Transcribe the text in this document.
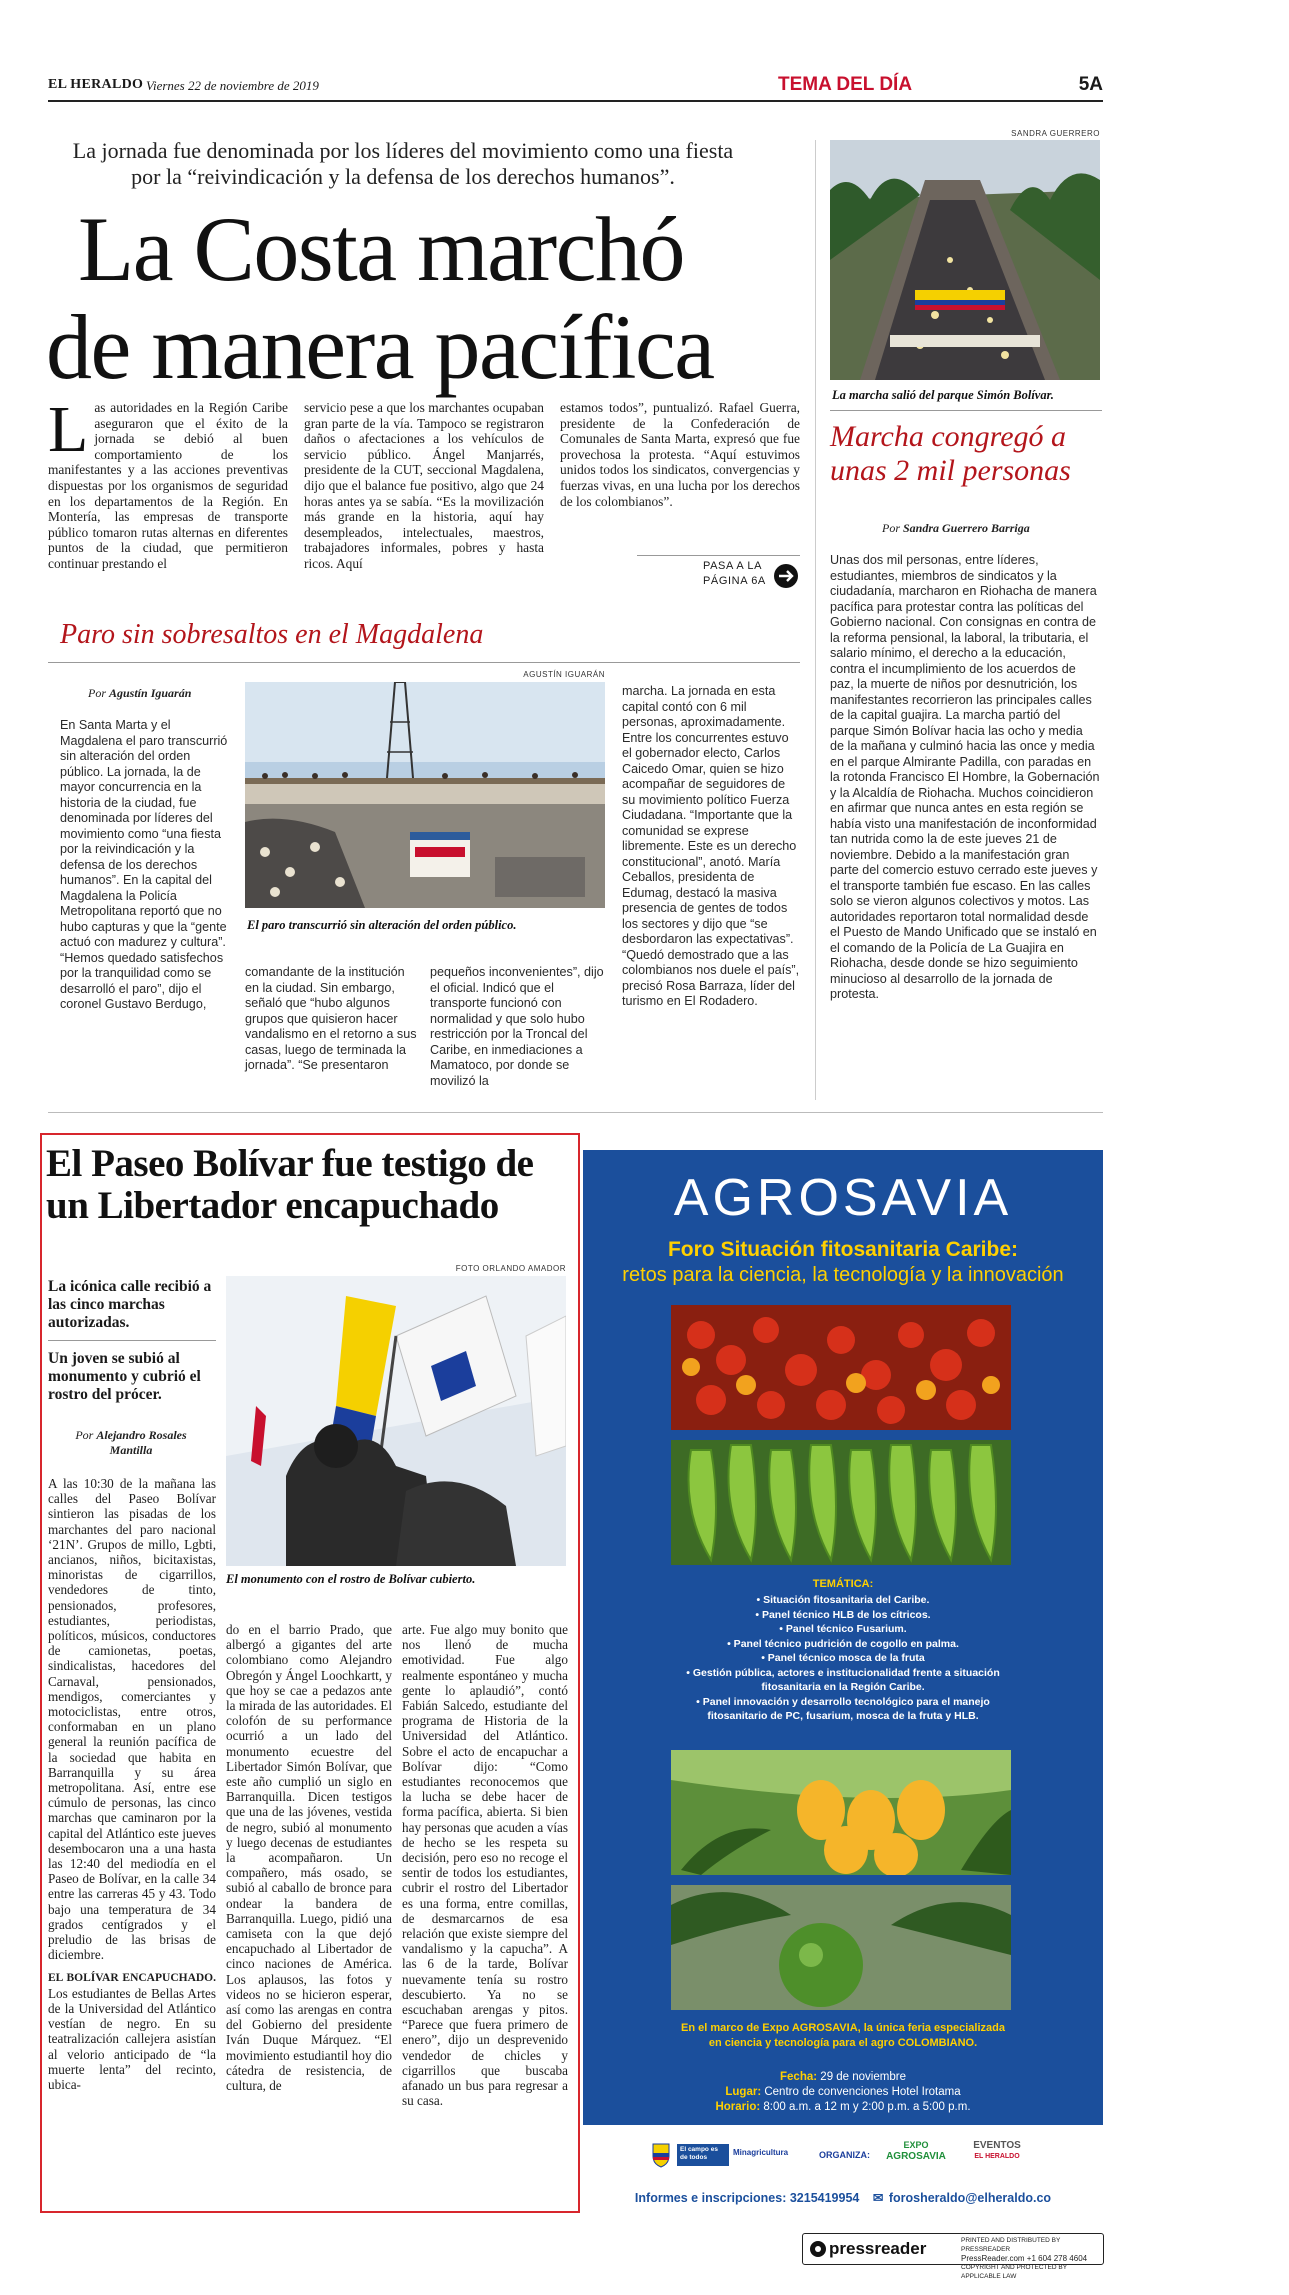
EL HERALDO Viernes 22 de noviembre de 2019	TEMA DEL DÍA	5A
La jornada fue denominada por los líderes del movimiento como una fiesta por la “reivindicación y la defensa de los derechos humanos”.
La Costa marchó
de manera pacífica
L as autoridades en la Región Caribe aseguraron que el éxito de la jornada se debió al buen comportamiento de los manifestantes y a las acciones preventivas dispuestas por los organismos de seguridad en los departamentos de la Región. En Montería, las empresas de transporte público tomaron rutas alternas en diferentes puntos de la ciudad, que permitieron continuar prestando el
servicio pese a que los marchantes ocupaban gran parte de la vía. Tampoco se registraron daños o afectaciones a los vehículos de servicio público. Ángel Manjarrés, presidente de la CUT, seccional Magdalena, dijo que el balance fue positivo, algo que 24 horas antes ya se sabía. “Es la movilización más grande en la historia, aquí hay desempleados, intelectuales, maestros, trabajadores informales, pobres y hasta ricos. Aquí
estamos todos”, puntualizó. Rafael Guerra, presidente de la Confederación de Comunales de Santa Marta, expresó que fue provechosa la protesta. “Aquí estuvimos unidos todos los sindicatos, convergencias y fuerzas vivas, en una lucha por los derechos de los colombianos”.
PASA A LA
PÁGINA 6A
SANDRA GUERRERO
La marcha salió del parque Simón Bolívar.
Marcha congregó a unas 2 mil personas
Por Sandra Guerrero Barriga
Unas dos mil personas, entre líderes, estudiantes, miembros de sindicatos y la ciudadanía, marcharon en Riohacha de manera pacífica para protestar contra las políticas del Gobierno nacional. Con consignas en contra de la reforma pensional, la laboral, la tributaria, el salario mínimo, el derecho a la educación, contra el incumplimiento de los acuerdos de paz, la muerte de niños por desnutrición, los manifestantes recorrieron las principales calles de la capital guajira. La marcha partió del parque Simón Bolívar hacia las ocho y media de la mañana y culminó hacia las once y media en el parque Almirante Padilla, con paradas en la rotonda Francisco El Hombre, la Gobernación y la Alcaldía de Riohacha. Muchos coincidieron en afirmar que nunca antes en esta región se había visto una manifestación de inconformidad tan nutrida como la de este jueves 21 de noviembre. Debido a la manifestación gran parte del comercio estuvo cerrado este jueves y el transporte también fue escaso. En las calles solo se vieron algunos colectivos y motos. Las autoridades reportaron total normalidad desde el Puesto de Mando Unificado que se instaló en el comando de la Policía de La Guajira en Riohacha, desde donde se hizo seguimiento minucioso al desarrollo de la jornada de protesta.
Paro sin sobresaltos en el Magdalena
AGUSTÍN IGUARÁN
Por Agustín Iguarán
En Santa Marta y el Magdalena el paro transcurrió sin alteración del orden público. La jornada, la de mayor concurrencia en la historia de la ciudad, fue denominada por líderes del movimiento como “una fiesta por la reivindicación y la defensa de los derechos humanos”. En la capital del Magdalena la Policía Metropolitana reportó que no hubo capturas y que la “gente actuó con madurez y cultura”. “Hemos quedado satisfechos por la tranquilidad como se desarrolló el paro”, dijo el coronel Gustavo Berdugo,
El paro transcurrió sin alteración del orden público.
comandante de la institución en la ciudad. Sin embargo, señaló que “hubo algunos grupos que quisieron hacer vandalismo en el retorno a sus casas, luego de terminada la jornada”. “Se presentaron
pequeños inconvenientes”, dijo el oficial. Indicó que el transporte funcionó con normalidad y que solo hubo restricción por la Troncal del Caribe, en inmediaciones a Mamatoco, por donde se movilizó la
marcha. La jornada en esta capital contó con 6 mil personas, aproximadamente. Entre los concurrentes estuvo el gobernador electo, Carlos Caicedo Omar, quien se hizo acompañar de seguidores de su movimiento político Fuerza Ciudadana. “Importante que la comunidad se exprese libremente. Este es un derecho constitucional”, anotó. María Ceballos, presidenta de Edumag, destacó la masiva presencia de gentes de todos los sectores y dijo que “se desbordaron las expectativas”. “Quedó demostrado que a las colombianos nos duele el país”, precisó Rosa Barraza, líder del turismo en El Rodadero.
El Paseo Bolívar fue testigo de un Libertador encapuchado
FOTO ORLANDO AMADOR
La icónica calle recibió a las cinco marchas autorizadas.
Un joven se subió al monumento y cubrió el rostro del prócer.
Por Alejandro Rosales Mantilla
El monumento con el rostro de Bolívar cubierto.

A las 10:30 de la mañana las calles del Paseo Bolívar sintieron las pisadas de los marchantes del paro nacional ‘21N’. Grupos de millo, Lgbti, ancianos, niños, bicitaxistas, minoristas de cigarrillos, vendedores de tinto, pensionados, profesores, estudiantes, periodistas, políticos, músicos, conductores de camionetas, poetas, sindicalistas, hacedores del Carnaval, pensionados, mendigos, comerciantes y motociclistas, entre otros, conformaban en un plano general la reunión pacífica de la sociedad que habita en Barranquilla y su área metropolitana. Así, entre ese cúmulo de personas, las cinco marchas que caminaron por la capital del Atlántico este jueves desembocaron una a una hasta las 12:40 del mediodía en el Paseo de Bolívar, en la calle 34 entre las carreras 45 y 43. Todo bajo una temperatura de 34 grados centígrados y el preludio de las brisas de diciembre.

EL BOLÍVAR ENCAPUCHADO. Los estudiantes de Bellas Artes de la Universidad del Atlántico vestían de negro. En su teatralización callejera asistían al velorio anticipado de “la muerte lenta” del recinto, ubica-

do en el barrio Prado, que albergó a gigantes del arte colombiano como Alejandro Obregón y Ángel Loochkartt, y que hoy se cae a pedazos ante la mirada de las autoridades. El colofón de su performance ocurrió a un lado del monumento ecuestre del Libertador Simón Bolívar, que este año cumplió un siglo en Barranquilla. Dicen testigos que una de las jóvenes, vestida de negro, subió al monumento y luego decenas de estudiantes la acompañaron. Un compañero, más osado, se subió al caballo de bronce para ondear la bandera de Barranquilla. Luego, pidió una camiseta con la que dejó encapuchado al Libertador de cinco naciones de América. Los aplausos, las fotos y videos no se hicieron esperar, así como las arengas en contra del Gobierno del presidente Iván Duque Márquez. “El movimiento estudiantil hoy dio cátedra de resistencia, de cultura, de
arte. Fue algo muy bonito que nos llenó de mucha emotividad. Fue algo realmente espontáneo y mucha gente lo aplaudió”, contó Fabián Salcedo, estudiante del programa de Historia de la Universidad del Atlántico. Sobre el acto de encapuchar a Bolívar dijo: “Como estudiantes reconocemos que la lucha se debe hacer de forma pacífica, abierta. Si bien hay personas que acuden a vías de hecho se les respeta su decisión, pero eso no recoge el sentir de todos los estudiantes, cubrir el rostro del Libertador es una forma, entre comillas, de desmarcarnos de esa relación que existe siempre del vandalismo y la capucha”. A las 6 de la tarde, Bolívar nuevamente tenía su rostro descubierto. Ya no se escuchaban arengas y pitos. “Parece que fuera primero de enero”, dijo un desprevenido vendedor de chicles y cigarrillos que buscaba afanado un bus para regresar a su casa.
AGROSAVIA
Foro Situación fitosanitaria Caribe:
retos para la ciencia, la tecnología y la innovación
TEMÁTICA:
• Situación fitosanitaria del Caribe.
• Panel técnico HLB de los cítricos.
• Panel técnico Fusarium.
• Panel técnico pudrición de cogollo en palma.
• Panel técnico mosca de la fruta
• Gestión pública, actores e institucionalidad frente a situación fitosanitaria en la Región Caribe.
• Panel innovación y desarrollo tecnológico para el manejo fitosanitario de PC, fusarium, mosca de la fruta y HLB.
En el marco de Expo AGROSAVIA, la única feria especializada
en ciencia y tecnología para el agro COLOMBIANO.
Fecha: 29 de noviembre
Lugar: Centro de convenciones Hotel Irotama
Horario: 8:00 a.m. a 12 m y 2:00 p.m. a 5:00 p.m.
El campo es de todos
Minagricultura	ORGANIZA:
EXPO
AGROSAVIA
EVENTOS
EL HERALDO
Informes e inscripciones: 3215419954 ✉ forosheraldo@elheraldo.co
pressreader	PRINTED AND DISTRIBUTED BY PRESSREADER
PressReader.com +1 604 278 4604
COPYRIGHT AND PROTECTED BY APPLICABLE LAW
